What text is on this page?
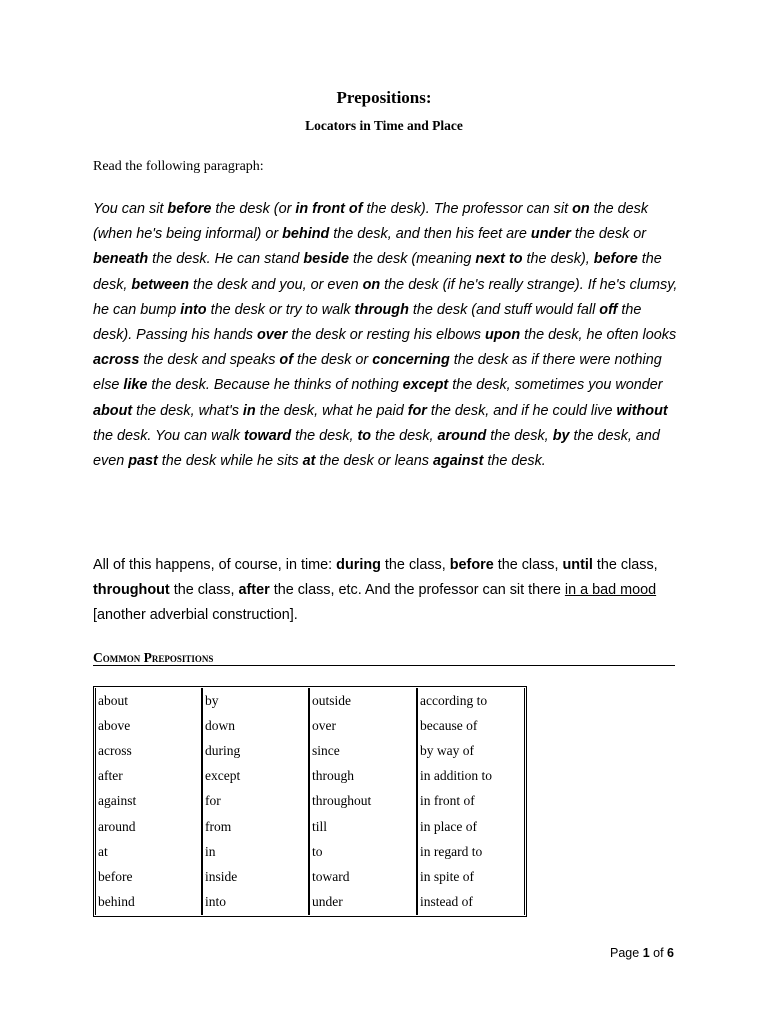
Prepositions:
Locators in Time and Place
Read the following paragraph:
You can sit before the desk (or in front of the desk). The professor can sit on the desk (when he's being informal) or behind the desk, and then his feet are under the desk or beneath the desk. He can stand beside the desk (meaning next to the desk), before the desk, between the desk and you, or even on the desk (if he's really strange). If he's clumsy, he can bump into the desk or try to walk through the desk (and stuff would fall off the desk). Passing his hands over the desk or resting his elbows upon the desk, he often looks across the desk and speaks of the desk or concerning the desk as if there were nothing else like the desk. Because he thinks of nothing except the desk, sometimes you wonder about the desk, what's in the desk, what he paid for the desk, and if he could live without the desk. You can walk toward the desk, to the desk, around the desk, by the desk, and even past the desk while he sits at the desk or leans against the desk.
All of this happens, of course, in time: during the class, before the class, until the class, throughout the class, after the class, etc. And the professor can sit there in a bad mood [another adverbial construction].
Common Prepositions
about	by	outside	according to
above	down	over	because of
across	during	since	by way of
after	except	through	in addition to
against	for	throughout	in front of
around	from	till	in place of
at	in	to	in regard to
before	inside	toward	in spite of
behind	into	under	instead of
Page 1 of 6
